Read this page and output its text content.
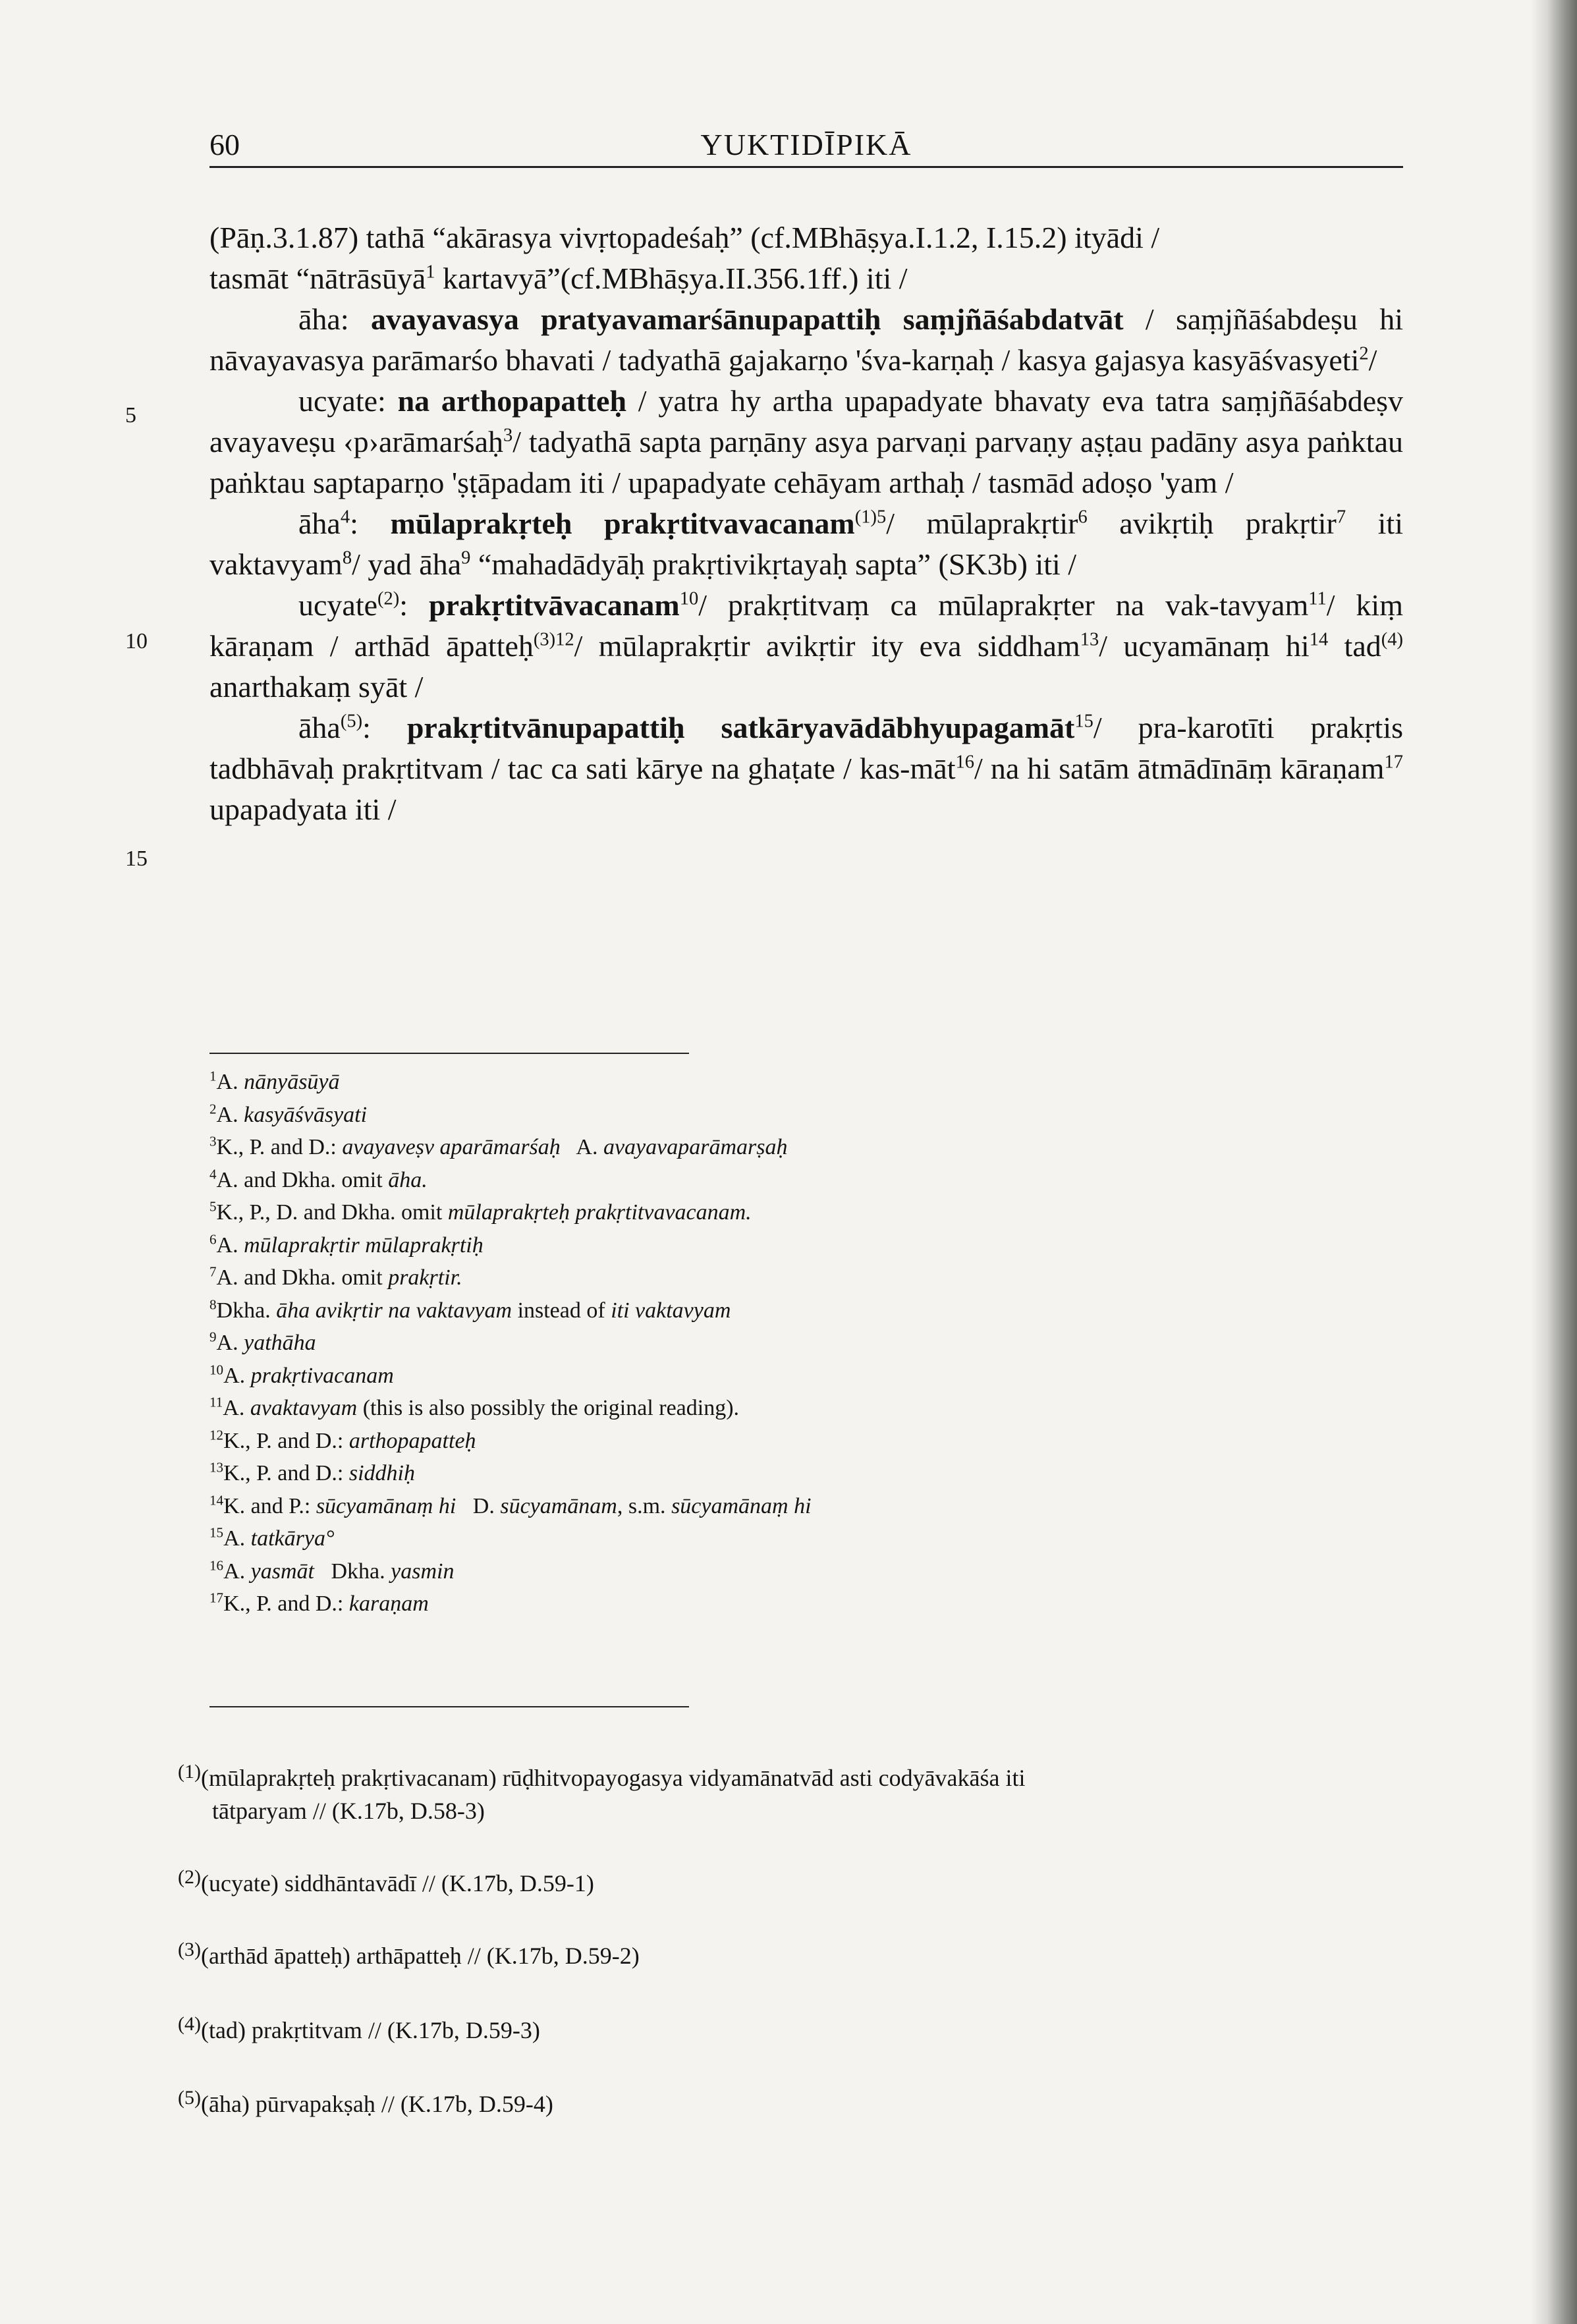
60	YUKTIDĪPIKĀ
5
10
15

(Pāṇ.3.1.87) tathā “akārasya vivṛtopadeśaḥ” (cf.MBhāṣya.I.1.2, I.15.2) ityādi /
tasmāt “nātrāsūyā$^1$ kartavyā”(cf.MBhāṣya.II.356.1ff.) iti /

āha: avayavasya pratyavamarśānupapattiḥ saṃjñāśabdatvāt / saṃjñāśabdeṣu hi nāvayavasya parāmarśo bhavati / tadyathā gajakarṇo 'śva-karṇaḥ / kasya gajasya kasyāśvasyeti$^2$/

ucyate: na arthopapatteḥ / yatra hy artha upapadyate bhavaty eva tatra saṃjñāśabdeṣv avayaveṣu ‹p›arāmarśaḥ$^3$/ tadyathā sapta parṇāny asya parvaṇi parvaṇy aṣṭau padāny asya paṅktau paṅktau saptaparṇo 'ṣṭāpadam iti / upapadyate cehāyam arthaḥ / tasmād adoṣo 'yam /

āha$^4$: mūlaprakṛteḥ prakṛtitvavacanam$^{(1)5}$/ mūlaprakṛtir$^6$ avikṛtiḥ prakṛtir$^7$ iti vaktavyam$^8$/ yad āha$^9$ “mahadādyāḥ prakṛtivikṛtayaḥ sapta” (SK3b) iti /

ucyate$^{(2)}$: prakṛtitvāvacanam$^{10}$/ prakṛtitvaṃ ca mūlaprakṛter na vak-tavyam$^{11}$/ kiṃ kāraṇam / arthād āpatteḥ$^{(3)12}$/ mūlaprakṛtir avikṛtir ity eva siddham$^{13}$/ ucyamānaṃ $hi^{14}$ tad$^{(4)}$ anarthakaṃ syāt /

āha$^{(5)}$: prakṛtitvānupapattiḥ satkāryavādābhyupagamāt$^{15}$/ pra-karotīti prakṛtis tadbhāvaḥ prakṛtitvam / tac ca sati kārye na ghaṭate / kas-māt$^{16}$/ na hi satām ātmādīnāṃ kāraṇam$^{17}$ upapadyata iti /

$^1$A. nānyāsūyā
$^2$A. kasyāśvāsyati
$^3$K., P. and D.: avayaveṣv aparāmarśaḥ   A. avayavaparāmarṣaḥ
$^4$A. and Dkha. omit āha.
$^5$K., P., D. and Dkha. omit mūlaprakṛteḥ prakṛtitvavacanam.
$^6$A. mūlaprakṛtir mūlaprakṛtiḥ
$^7$A. and Dkha. omit prakṛtir.
$^8$Dkha. āha avikṛtir na vaktavyam instead of iti vaktavyam
$^9$A. yathāha
$^{10}$A. prakṛtivacanam
$^{11}$A. avaktavyam (this is also possibly the original reading).
$^{12}$K., P. and D.: arthopapatteḥ
$^{13}$K., P. and D.: siddhiḥ
$^{14}$K. and P.: sūcyamānaṃ hi   D. sūcyamānam, s.m. sūcyamānaṃ hi
$^{15}$A. tatkārya°
$^{16}$A. yasmāt   Dkha. yasmin
$^{17}$K., P. and D.: karaṇam
$^{(1)}$(mūlaprakṛteḥ prakṛtivacanam) rūḍhitvopayogasya vidyamānatvād asti codyāvakāśa iti
tātparyam // (K.17b, D.58-3)
$^{(2)}$(ucyate) siddhāntavādī // (K.17b, D.59-1)
$^{(3)}$(arthād āpatteḥ) arthāpatteḥ // (K.17b, D.59-2)
$^{(4)}$(tad) prakṛtitvam // (K.17b, D.59-3)
$^{(5)}$(āha) pūrvapakṣaḥ // (K.17b, D.59-4)
